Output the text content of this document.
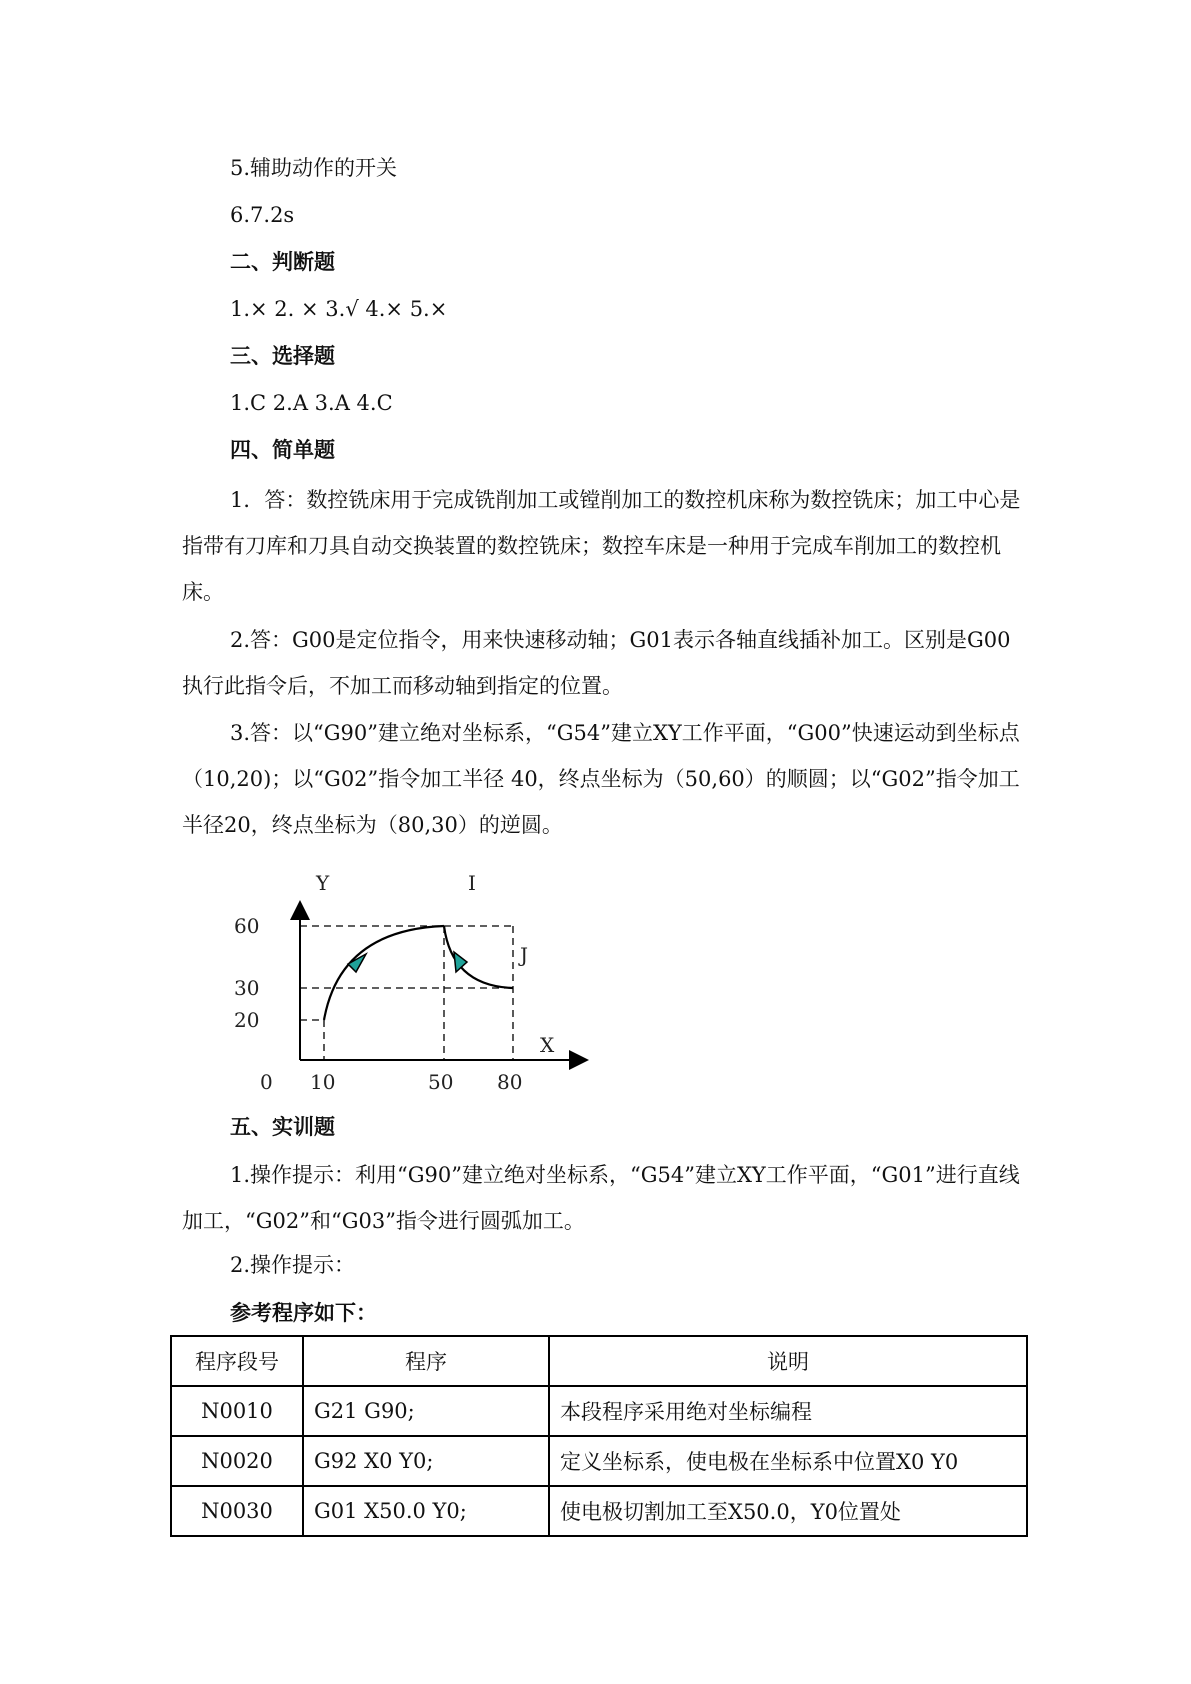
5.辅助动作的开关
6.7.2s
二、判断题
1.× 2. × 3.√ 4.× 5.×
三、选择题
1.C 2.A 3.A 4.C
四、简单题

1．答：数控铣床用于完成铣削加工或镗削加工的数控机床称为数控铣床；加工中心是指带有刀库和刀具自动交换装置的数控铣床；数控车床是一种用于完成车削加工的数控机床。

2.答：G00是定位指令，用来快速移动轴；G01表示各轴直线插补加工。区别是G00执行此指令后，不加工而移动轴到指定的位置。

3.答：以“G90”建立绝对坐标系，“G54”建立XY工作平面，“G00”快速运动到坐标点（10,20)；以“G02”指令加工半径 40，终点坐标为（50,60）的顺圆；以“G02”指令加工半径20，终点坐标为（80,30）的逆圆。

Y	I
J
X
60
30
20
0 10	50 80
五、实训题

1.操作提示：利用“G90”建立绝对坐标系，“G54”建立XY工作平面，“G01”进行直线加工，“G02”和“G03”指令进行圆弧加工。

2.操作提示：
参考程序如下：
程序段号	程序	说明
N0010	G21 G90;	本段程序采用绝对坐标编程
N0020	G92 X0 Y0;	定义坐标系，使电极在坐标系中位置X0 Y0
N0030	G01 X50.0 Y0;	使电极切割加工至X50.0，Y0位置处
